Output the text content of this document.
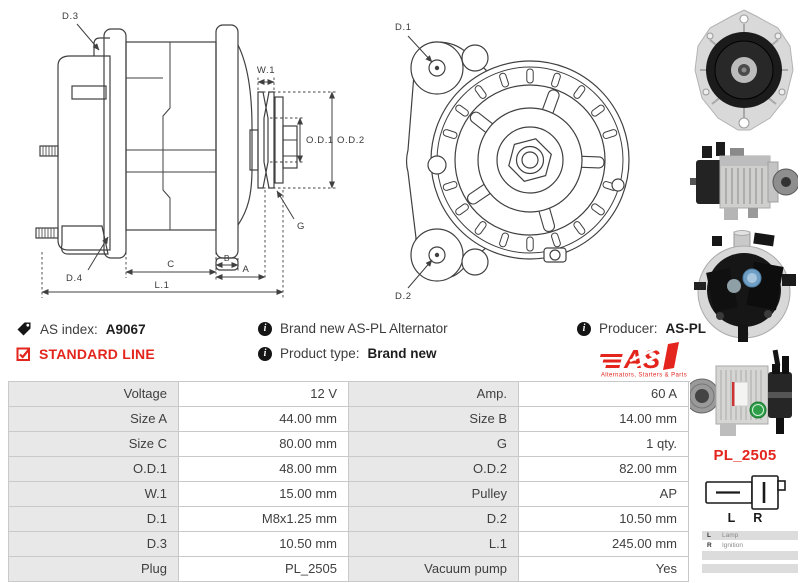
D.3
D.4
W.1
O.D.1 O.D.2
G
C
B
A
L.1
D.1
D.2
AS index: A9067
STANDARD LINE
i	Brand new AS-PL Alternator
i	Product type: Brand new
i	Producer: AS-PL
AS
Alternators, Starters & Parts
Voltage	12 V	Amp.	60 A
Size A	44.00 mm	Size B	14.00 mm
Size C	80.00 mm	G	1 qty.
O.D.1	48.00 mm	O.D.2	82.00 mm
W.1	15.00 mm	Pulley	AP
D.1	M8x1.25 mm	D.2	10.50 mm
D.3	10.50 mm	L.1	245.00 mm
Plug	PL_2505	Vacuum pump	Yes
PL_2505
L R
L	Lamp
R	Ignition
